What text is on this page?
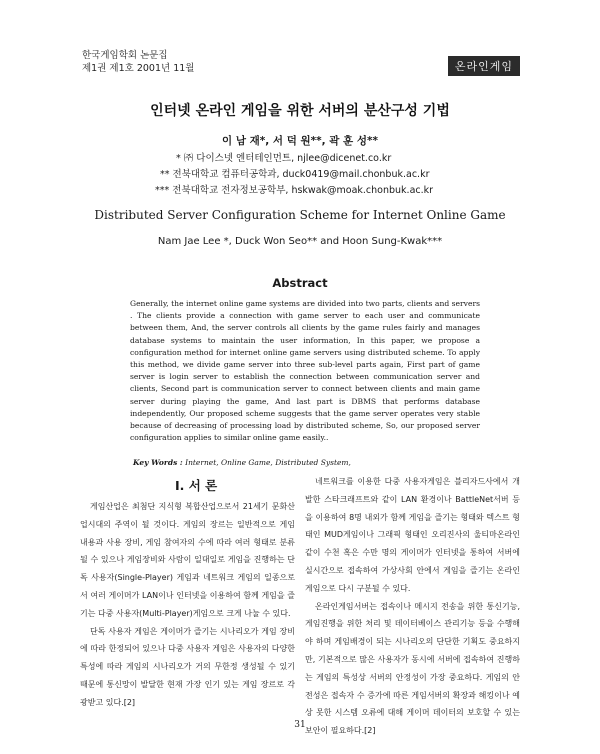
한국게임학회 논문집
제1권 제1호 2001년 11월	온라인게임
인터넷 온라인 게임을 위한 서버의 분산구성 기법
이 남 재*, 서 덕 원**, 곽 훈 성**
* ㈜ 다이스넷 엔터테인먼트, njlee@dicenet.co.kr
** 전북대학교 컴퓨터공학과, duck0419@mail.chonbuk.ac.kr
*** 전북대학교 전자정보공학부, hskwak@moak.chonbuk.ac.kr
Distributed Server Configuration Scheme for Internet Online Game
Nam Jae Lee *, Duck Won Seo** and Hoon Sung-Kwak***
Abstract

Generally, the internet online game systems are divided into two parts, clients and servers . The clients provide a connection with game server to each user and communicate between them, And, the server controls all clients by the game rules fairly and manages database systems to maintain the user information, In this paper, we propose a configuration method for internet online game servers using distributed scheme. To apply this method, we divide game server into three sub-level parts again, First part of game server is login server to establish the connection between communication server and clients, Second part is communication server to connect between clients and main game server during playing the game, And last part is DBMS that performs database independently, Our proposed scheme suggests that the game server operates very stable because of decreasing of processing load by distributed scheme, So, our proposed server configuration applies to similar online game easily..

Key Words : Internet, Online Game, Distributed System,
I. 서 론

게임산업은 최첨단 지식형 복합산업으로서 21세기 문화산업시대의 주역이 될 것이다. 게임의 장르는 일반적으로 게임 내용과 사용 장비, 게임 참여자의 수에 따라 여러 형태로 분류될 수 있으나 게임장비와 사람이 일대일로 게임을 진행하는 단독 사용자(Single-Player) 게임과 네트워크 게임의 일종으로서 여러 게이머가 LAN이나 인터넷을 이용하여 함께 게임을 즐기는 다중 사용자(Multi-Player)게임으로 크게 나눌 수 있다.

단독 사용자 게임은 게이머가 즐기는 시나리오가 게임 장비에 따라 한정되어 있으나 다중 사용자 게임은 사용자의 다양한 특성에 따라 게임의 시나리오가 거의 무한정 생성될 수 있기 때문에 통신망이 발달한 현재 가장 인기 있는 게임 장르로 각광받고 있다.[2]

네트워크를 이용한 다중 사용자게임은 블리자드사에서 개발한 스타크래프트와 같이 LAN 환경이나 BattleNet서버 등을 이용하여 8명 내외가 함께 게임을 즐기는 형태와 텍스트 형태인 MUD게임이나 그래픽 형태인 오리진사의 울티마온라인 같이 수천 혹은 수만 명의 게이머가 인터넷을 통하여 서버에 실시간으로 접속하여 가상사회 안에서 게임을 즐기는 온라인게임으로 다시 구분될 수 있다.

온라인게임서버는 접속이나 메시지 전송을 위한 통신기능, 게임진행을 위한 처리 및 데이터베이스 관리기능 등을 수행해야 하며 게임배경이 되는 시나리오의 단단한 기획도 중요하지만, 기본적으로 많은 사용자가 동시에 서버에 접속하여 진행하는 게임의 특성상 서버의 안정성이 가장 중요하다. 게임의 안전성은 접속자 수 증가에 따른 게임서버의 확장과 해킹이나 예상 못한 시스템 오류에 대해 게이머 데이터의 보호할 수 있는 보안이 필요하다.[2]

31
